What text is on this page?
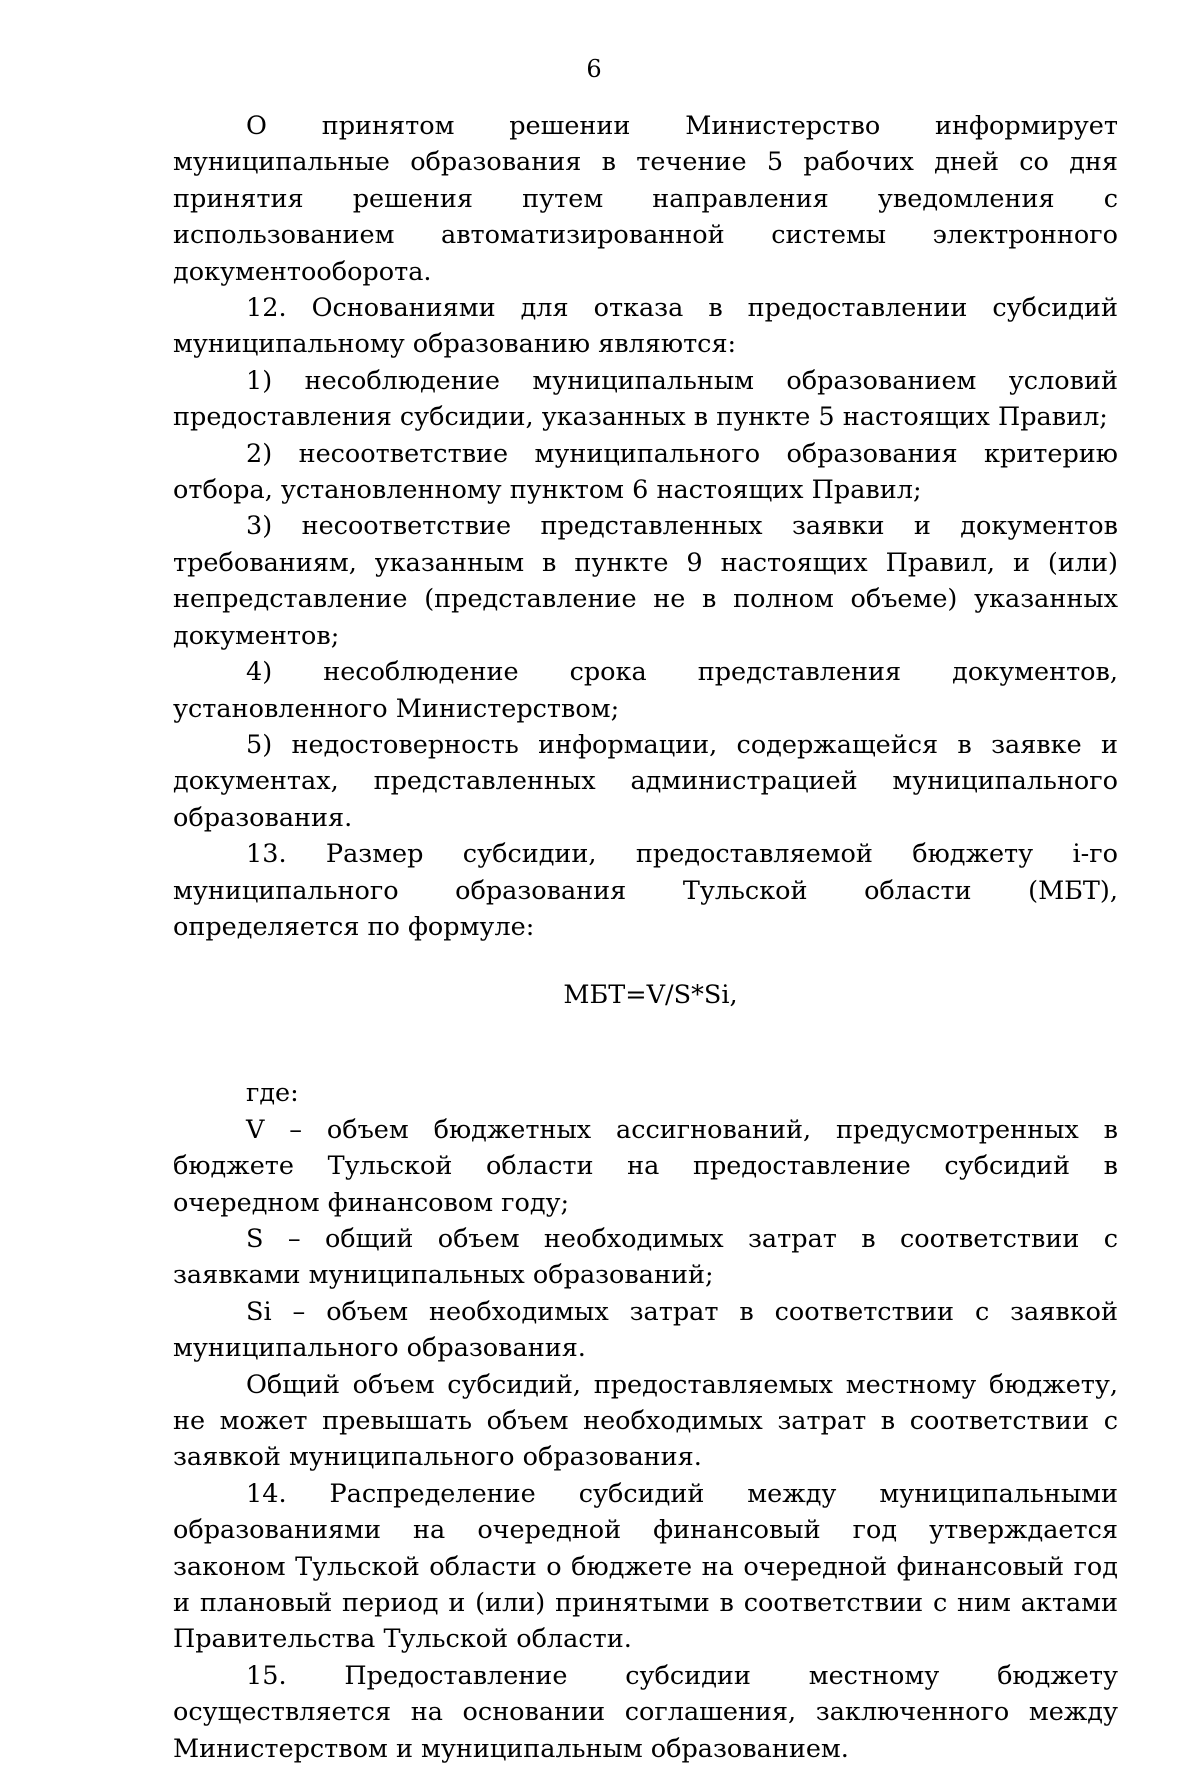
6

О принятом решении Министерство информирует муниципальные образования в течение 5 рабочих дней со дня принятия решения путем направления уведомления с использованием автоматизированной системы электронного документооборота.

12. Основаниями для отказа в предоставлении субсидий муниципальному образованию являются:

1) несоблюдение муниципальным образованием условий предоставления субсидии, указанных в пункте 5 настоящих Правил;

2) несоответствие муниципального образования критерию отбора, установленному пунктом 6 настоящих Правил;

3) несоответствие представленных заявки и документов требованиям, указанным в пункте 9 настоящих Правил, и (или) непредставление (представление не в полном объеме) указанных документов;

4) несоблюдение срока представления документов, установленного Министерством;

5) недостоверность информации, содержащейся в заявке и документах, представленных администрацией муниципального образования.

13. Размер субсидии, предоставляемой бюджету i-го муниципального образования Тульской области (МБТ), определяется по формуле:

МБТ=V/S*Si,

где:

V – объем бюджетных ассигнований, предусмотренных в бюджете Тульской области на предоставление субсидий в очередном финансовом году;

S – общий объем необходимых затрат в соответствии с заявками муниципальных образований;

Si – объем необходимых затрат в соответствии с заявкой муниципального образования.

Общий объем субсидий, предоставляемых местному бюджету, не может превышать объем необходимых затрат в соответствии с заявкой муниципального образования.

14. Распределение субсидий между муниципальными образованиями на очередной финансовый год утверждается законом Тульской области о бюджете на очередной финансовый год и плановый период и (или) принятыми в соответствии с ним актами Правительства Тульской области.

15. Предоставление субсидии местному бюджету осуществляется на основании соглашения, заключенного между Министерством и муниципальным образованием.
